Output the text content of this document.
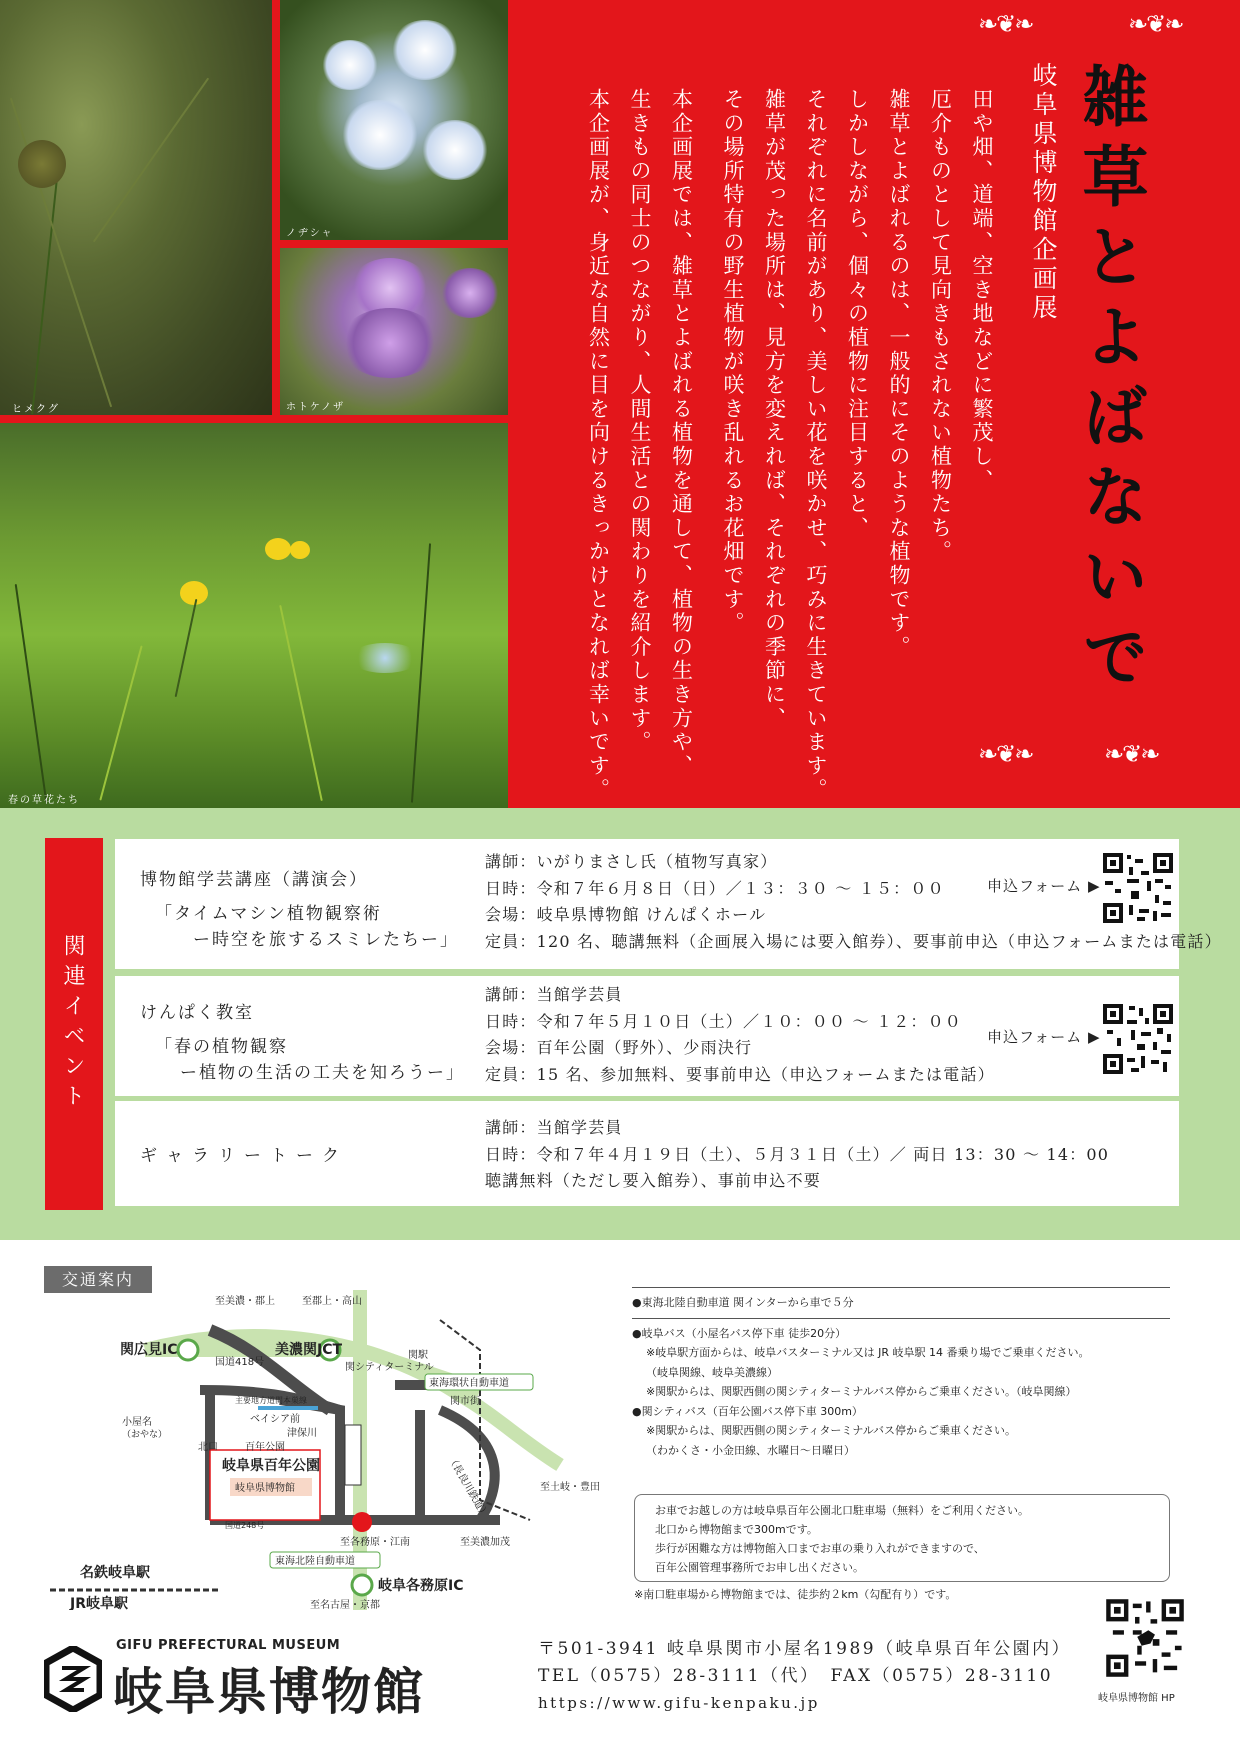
ヒメクグ
ノヂシャ
ホトケノザ
春の草花たち
❧❦❧	❧❦❧
❧❦❧	❧❦❧
岐阜県博物館企画展 雑草とよばないで
田や畑、道端、空き地などに繁茂し、
厄介ものとして見向きもされない植物たち。
雑草とよばれるのは、一般的にそのような植物です。
しかしながら、個々の植物に注目すると、
それぞれに名前があり、美しい花を咲かせ、巧みに生きています。
雑草が茂った場所は、見方を変えれば、それぞれの季節に、
その場所特有の野生植物が咲き乱れるお花畑です。
本企画展では、雑草とよばれる植物を通して、植物の生き方や、
生きもの同士のつながり、人間生活との関わりを紹介します。
本企画展が、身近な自然に目を向けるきっかけとなれば幸いです。
関連イベント
博物館学芸講座（講演会）
「タイムマシン植物観察術
ー時空を旅するスミレたちー」
講師：いがりまさし氏（植物写真家）
日時：令和７年６月８日（日）／１３：３０ 〜 １５：００
会場：岐阜県博物館 けんぱくホール
定員：120 名、聴講無料（企画展入場には要入館券）、要事前申込（申込フォームまたは電話）
申込フォーム ▶
けんぱく教室
「春の植物観察
ー植物の生活の工夫を知ろうー」
講師：当館学芸員
日時：令和７年５月１０日（土）／１０：００ 〜 １２：００
会場：百年公園（野外）、少雨決行
定員：15 名、参加無料、要事前申込（申込フォームまたは電話）
申込フォーム ▶
ギャラリートーク
講師：当館学芸員
日時：令和７年４月１９日（土）、５月３１日（土）／ 両日 13：30 〜 14：00
聴講無料（ただし要入館券）、事前申込不要
交通案内
至美濃・郡上	至郡上・高山
関広見IC	美濃関JCT
国道418号	関シティターミナル
関駅
東海環状自動車道
関市街
主要地方道関本巣線
小屋名
（おやな）
ベイシア前
津保川
北口	百年公園
岐阜県百年公園
岐阜県博物館
国道248号
（長良川鉄道）	至土岐・豊田
至美濃加茂
至各務原・江南
東海北陸自動車道
名鉄岐阜駅
JR岐阜駅
岐阜各務原IC
至名古屋・京都
●東海北陸自動車道 関インターから車で５分
●岐阜バス（小屋名バス停下車 徒歩20分）
※岐阜駅方面からは、岐阜バスターミナル又は JR 岐阜駅 14 番乗り場でご乗車ください。
（岐阜関線、岐阜美濃線）
※関駅からは、関駅西側の関シティターミナルバス停からご乗車ください。（岐阜関線）
●関シティバス（百年公園バス停下車 300m）
※関駅からは、関駅西側の関シティターミナルバス停からご乗車ください。
（わかくさ・小金田線、水曜日〜日曜日）
お車でお越しの方は岐阜県百年公園北口駐車場（無料）をご利用ください。
北口から博物館まで300mです。
歩行が困難な方は博物館入口までお車の乗り入れができますので、
百年公園管理事務所でお申し出ください。
※南口駐車場から博物館までは、徒歩約２km（勾配有り）です。
GIFU PREFECTURAL MUSEUM
岐阜県博物館
〒501-3941 岐阜県関市小屋名1989（岐阜県百年公園内）
TEL（0575）28-3111（代）　FAX（0575）28-3110
https://www.gifu-kenpaku.jp	岐阜県博物館 HP
